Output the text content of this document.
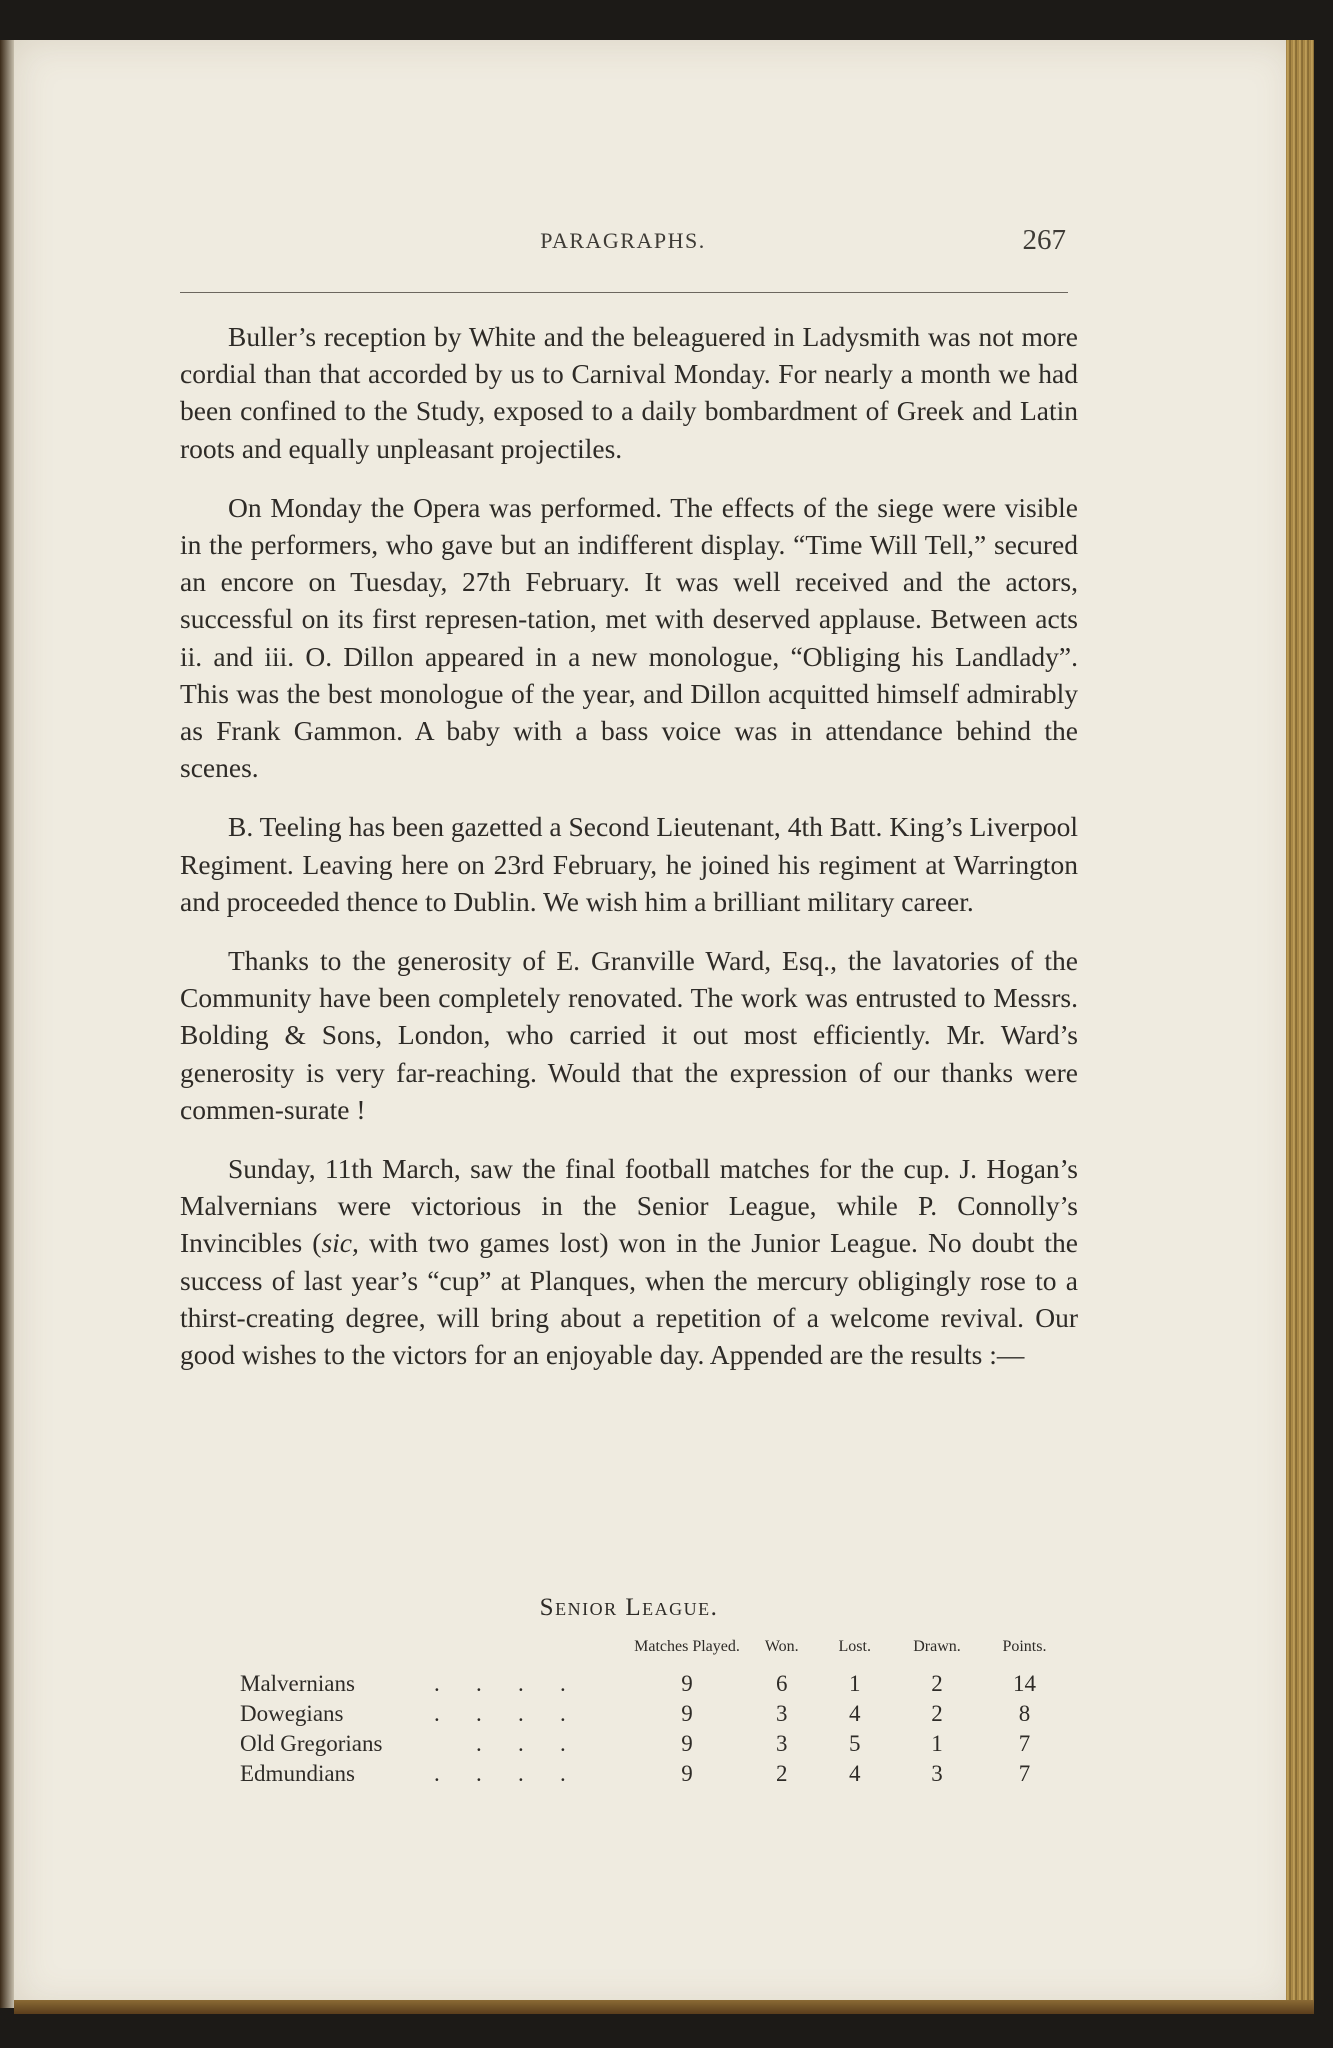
PARAGRAPHS.	267

Buller’s reception by White and the beleaguered in Ladysmith was not more cordial than that accorded by us to Carnival Monday. For nearly a month we had been confined to the Study, exposed to a daily bombardment of Greek and Latin roots and equally unpleasant projectiles.

On Monday the Opera was performed. The effects of the siege were visible in the performers, who gave but an indifferent display. “Time Will Tell,” secured an encore on Tuesday, 27th February. It was well received and the actors, successful on its first represen-tation, met with deserved applause. Between acts ii. and iii. O. Dillon appeared in a new monologue, “Obliging his Landlady”. This was the best monologue of the year, and Dillon acquitted himself admirably as Frank Gammon. A baby with a bass voice was in attendance behind the scenes.

B. Teeling has been gazetted a Second Lieutenant, 4th Batt. King’s Liverpool Regiment. Leaving here on 23rd February, he joined his regiment at Warrington and proceeded thence to Dublin. We wish him a brilliant military career.

Thanks to the generosity of E. Granville Ward, Esq., the lavatories of the Community have been completely renovated. The work was entrusted to Messrs. Bolding & Sons, London, who carried it out most efficiently. Mr. Ward’s generosity is very far-reaching. Would that the expression of our thanks were commen-surate !

Sunday, 11th March, saw the final football matches for the cup. J. Hogan’s Malvernians were victorious in the Senior League, while P. Connolly’s Invincibles (sic, with two games lost) won in the Junior League. No doubt the success of last year’s “cup” at Planques, when the mercury obligingly rose to a thirst-creating degree, will bring about a repetition of a welcome revival. Our good wishes to the victors for an enjoyable day. Appended are the results :—

Senior League.
		Matches Played.	Won.	Lost.	Drawn.	Points.
Malvernians	. . . .	9	6	1	2	14
Dowegians	. . . .	9	3	4	2	8
Old Gregorians	. . .	9	3	5	1	7
Edmundians	. . . .	9	2	4	3	7
